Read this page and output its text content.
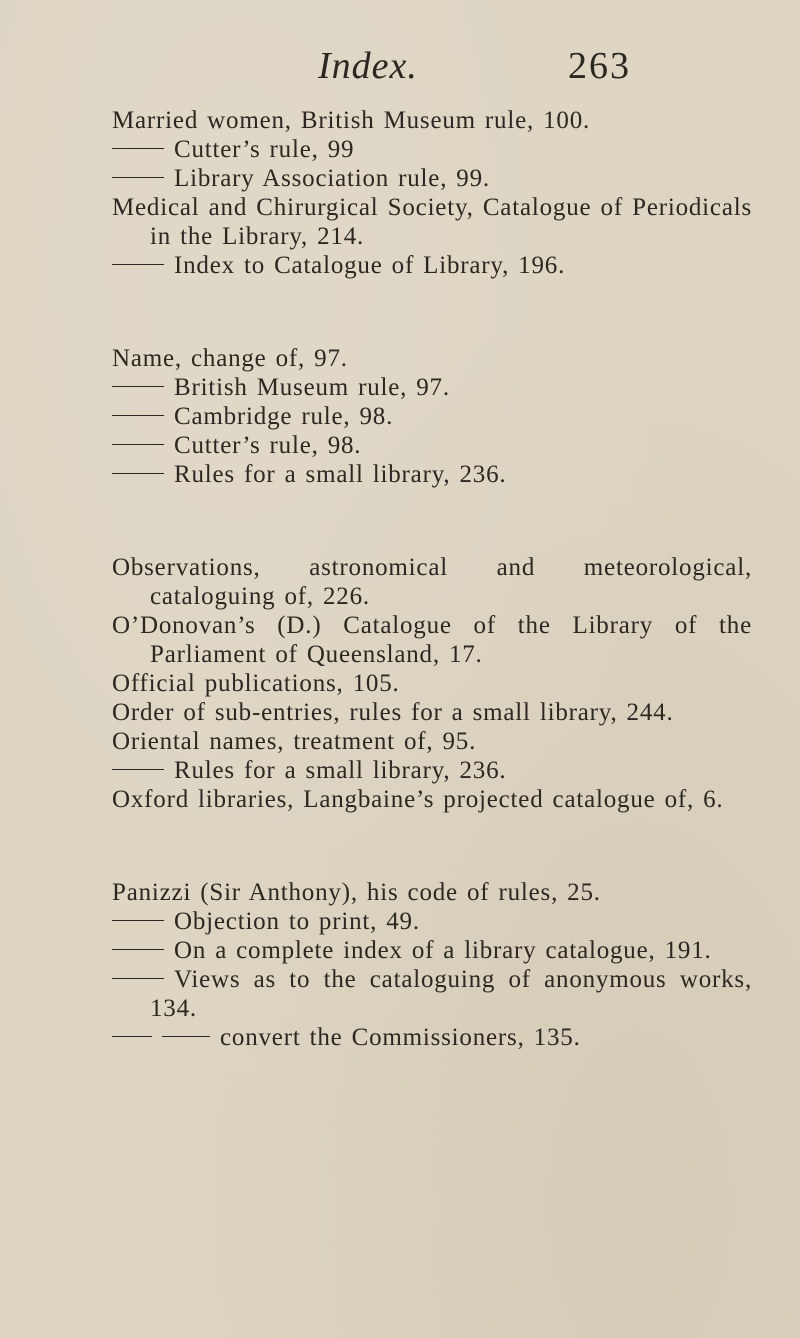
Index.	263

Married women, British Museum rule, 100.

Cutter’s rule, 99

Library Association rule, 99.

Medical and Chirurgical Society, Catalogue of Periodicals in the Library, 214.

Index to Catalogue of Library, 196.

Name, change of, 97.

British Museum rule, 97.

Cambridge rule, 98.

Cutter’s rule, 98.

Rules for a small library, 236.

Observations, astronomical and meteorological, cataloguing of, 226.

O’Donovan’s (D.) Catalogue of the Library of the Parliament of Queensland, 17.

Official publications, 105.

Order of sub-entries, rules for a small library, 244.

Oriental names, treatment of, 95.

Rules for a small library, 236.

Oxford libraries, Langbaine’s projected catalogue of, 6.

Panizzi (Sir Anthony), his code of rules, 25.

Objection to print, 49.

On a complete index of a library catalogue, 191.

Views as to the cataloguing of anonymous works, 134.

convert the Commissioners, 135.
